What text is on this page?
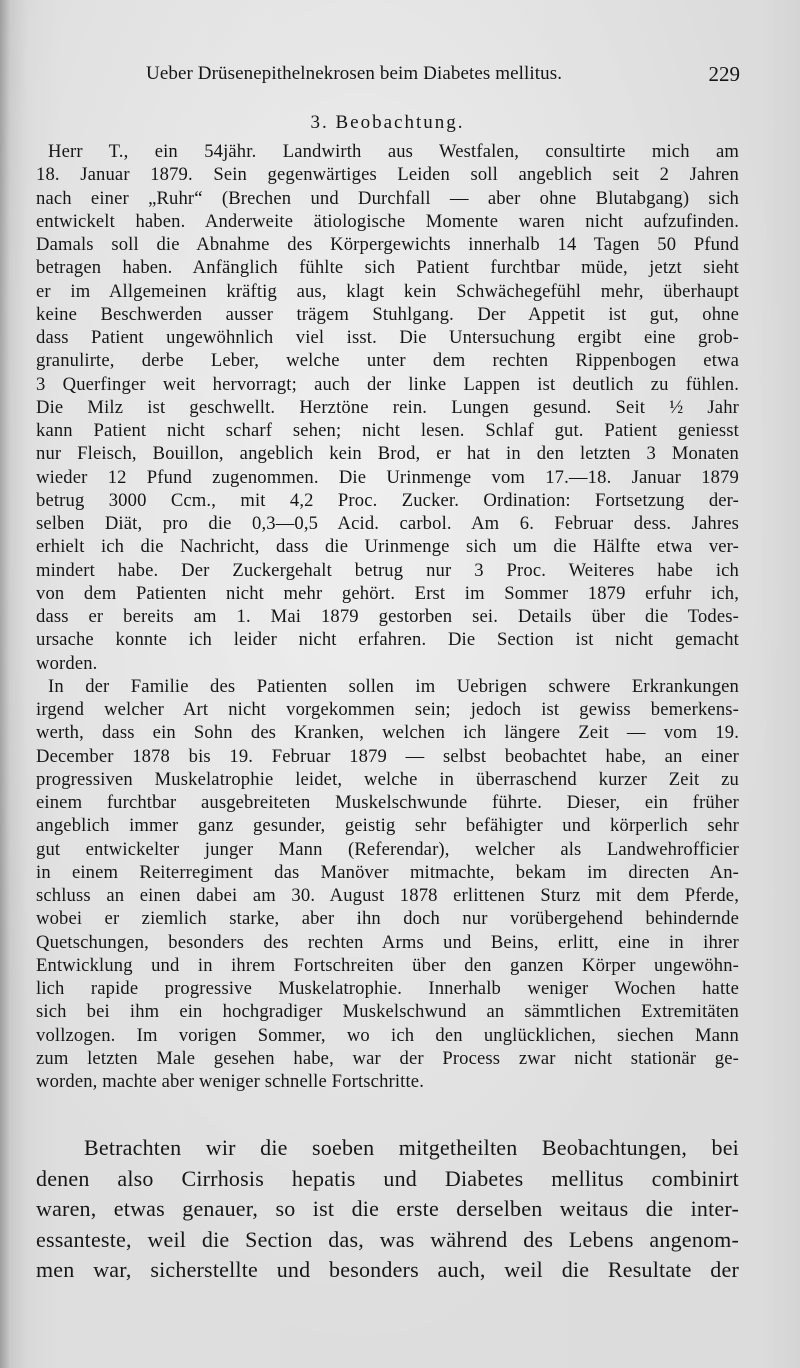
Ueber Drüsenepithelnekrosen beim Diabetes mellitus.	229
3. Beobachtung.
Herr T., ein 54jähr. Landwirth aus Westfalen, consultirte mich am
18. Januar 1879. Sein gegenwärtiges Leiden soll angeblich seit 2 Jahren
nach einer „Ruhr“ (Brechen und Durchfall — aber ohne Blutabgang) sich
entwickelt haben. Anderweite ätiologische Momente waren nicht aufzufinden.
Damals soll die Abnahme des Körpergewichts innerhalb 14 Tagen 50 Pfund
betragen haben. Anfänglich fühlte sich Patient furchtbar müde, jetzt sieht
er im Allgemeinen kräftig aus, klagt kein Schwächegefühl mehr, überhaupt
keine Beschwerden ausser trägem Stuhlgang. Der Appetit ist gut, ohne
dass Patient ungewöhnlich viel isst. Die Untersuchung ergibt eine grob-
granulirte, derbe Leber, welche unter dem rechten Rippenbogen etwa
3 Querfinger weit hervorragt; auch der linke Lappen ist deutlich zu fühlen.
Die Milz ist geschwellt. Herztöne rein. Lungen gesund. Seit ½ Jahr
kann Patient nicht scharf sehen; nicht lesen. Schlaf gut. Patient geniesst
nur Fleisch, Bouillon, angeblich kein Brod, er hat in den letzten 3 Monaten
wieder 12 Pfund zugenommen. Die Urinmenge vom 17.—18. Januar 1879
betrug 3000 Ccm., mit 4,2 Proc. Zucker. Ordination: Fortsetzung der-
selben Diät, pro die 0,3—0,5 Acid. carbol. Am 6. Februar dess. Jahres
erhielt ich die Nachricht, dass die Urinmenge sich um die Hälfte etwa ver-
mindert habe. Der Zuckergehalt betrug nur 3 Proc. Weiteres habe ich
von dem Patienten nicht mehr gehört. Erst im Sommer 1879 erfuhr ich,
dass er bereits am 1. Mai 1879 gestorben sei. Details über die Todes-
ursache konnte ich leider nicht erfahren. Die Section ist nicht gemacht
worden.
In der Familie des Patienten sollen im Uebrigen schwere Erkrankungen
irgend welcher Art nicht vorgekommen sein; jedoch ist gewiss bemerkens-
werth, dass ein Sohn des Kranken, welchen ich längere Zeit — vom 19.
December 1878 bis 19. Februar 1879 — selbst beobachtet habe, an einer
progressiven Muskelatrophie leidet, welche in überraschend kurzer Zeit zu
einem furchtbar ausgebreiteten Muskelschwunde führte. Dieser, ein früher
angeblich immer ganz gesunder, geistig sehr befähigter und körperlich sehr
gut entwickelter junger Mann (Referendar), welcher als Landwehrofficier
in einem Reiterregiment das Manöver mitmachte, bekam im directen An-
schluss an einen dabei am 30. August 1878 erlittenen Sturz mit dem Pferde,
wobei er ziemlich starke, aber ihn doch nur vorübergehend behindernde
Quetschungen, besonders des rechten Arms und Beins, erlitt, eine in ihrer
Entwicklung und in ihrem Fortschreiten über den ganzen Körper ungewöhn-
lich rapide progressive Muskelatrophie. Innerhalb weniger Wochen hatte
sich bei ihm ein hochgradiger Muskelschwund an sämmtlichen Extremitäten
vollzogen. Im vorigen Sommer, wo ich den unglücklichen, siechen Mann
zum letzten Male gesehen habe, war der Process zwar nicht stationär ge-
worden, machte aber weniger schnelle Fortschritte.
Betrachten wir die soeben mitgetheilten Beobachtungen, bei
denen also Cirrhosis hepatis und Diabetes mellitus combinirt
waren, etwas genauer, so ist die erste derselben weitaus die inter-
essanteste, weil die Section das, was während des Lebens angenom-
men war, sicherstellte und besonders auch, weil die Resultate der
